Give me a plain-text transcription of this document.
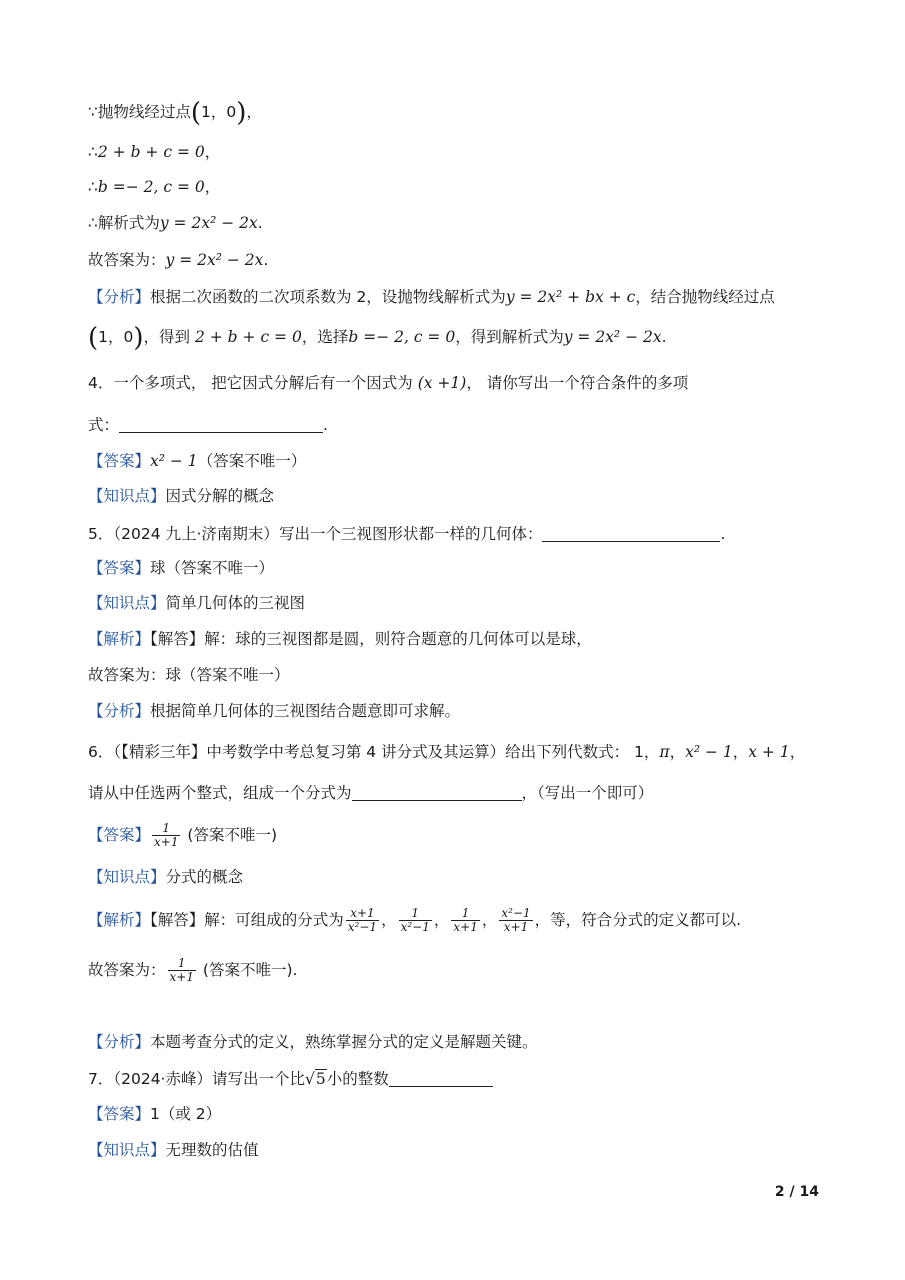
∵抛物线经过点(1，0)，
∴2 + b + c = 0，
∴b =− 2, c = 0，
∴解析式为y = 2x² − 2x.
故答案为：y = 2x² − 2x.
【分析】根据二次函数的二次项系数为 2，设抛物线解析式为y = 2x² + bx + c，结合抛物线经过点
(1，0)，得到 2 + b + c = 0，选择b =− 2, c = 0，得到解析式为y = 2x² − 2x.
4．一个多项式， 把它因式分解后有一个因式为 (x +1)， 请你写出一个符合条件的多项
式：	.
【答案】x² − 1（答案不唯一）
【知识点】因式分解的概念
5．（2024 九上·济南期末）写出一个三视图形状都一样的几何体：	.
【答案】球（答案不唯一）
【知识点】简单几何体的三视图
【解析】【解答】解：球的三视图都是圆，则符合题意的几何体可以是球，
故答案为：球（答案不唯一）
【分析】根据简单几何体的三视图结合题意即可求解。
6．（【精彩三年】中考数学中考总复习第 4 讲分式及其运算）给出下列代数式： 1，π，x² − 1，x + 1，
请从中任选两个整式，组成一个分式为	，（写出一个即可）
【答案】 $\frac{1}{x+1}$ (答案不唯一)
【知识点】分式的概念
【解析】【解答】解：可组成的分式为 $\frac{x+1}{\text{x²−1}}$ ， $\frac{1}{\text{x²−1}}$ ， $\frac{1}{x+1}$ ， $\frac{\text{x²−1}}{x+1}$ ，等，符合分式的定义都可以.
故答案为： $\frac{1}{x+1}$ (答案不唯一).
【分析】本题考查分式的定义，熟练掌握分式的定义是解题关键。
7．（2024·赤峰）请写出一个比√5小的整数
【答案】1（或 2）
【知识点】无理数的估值
2 / 14
